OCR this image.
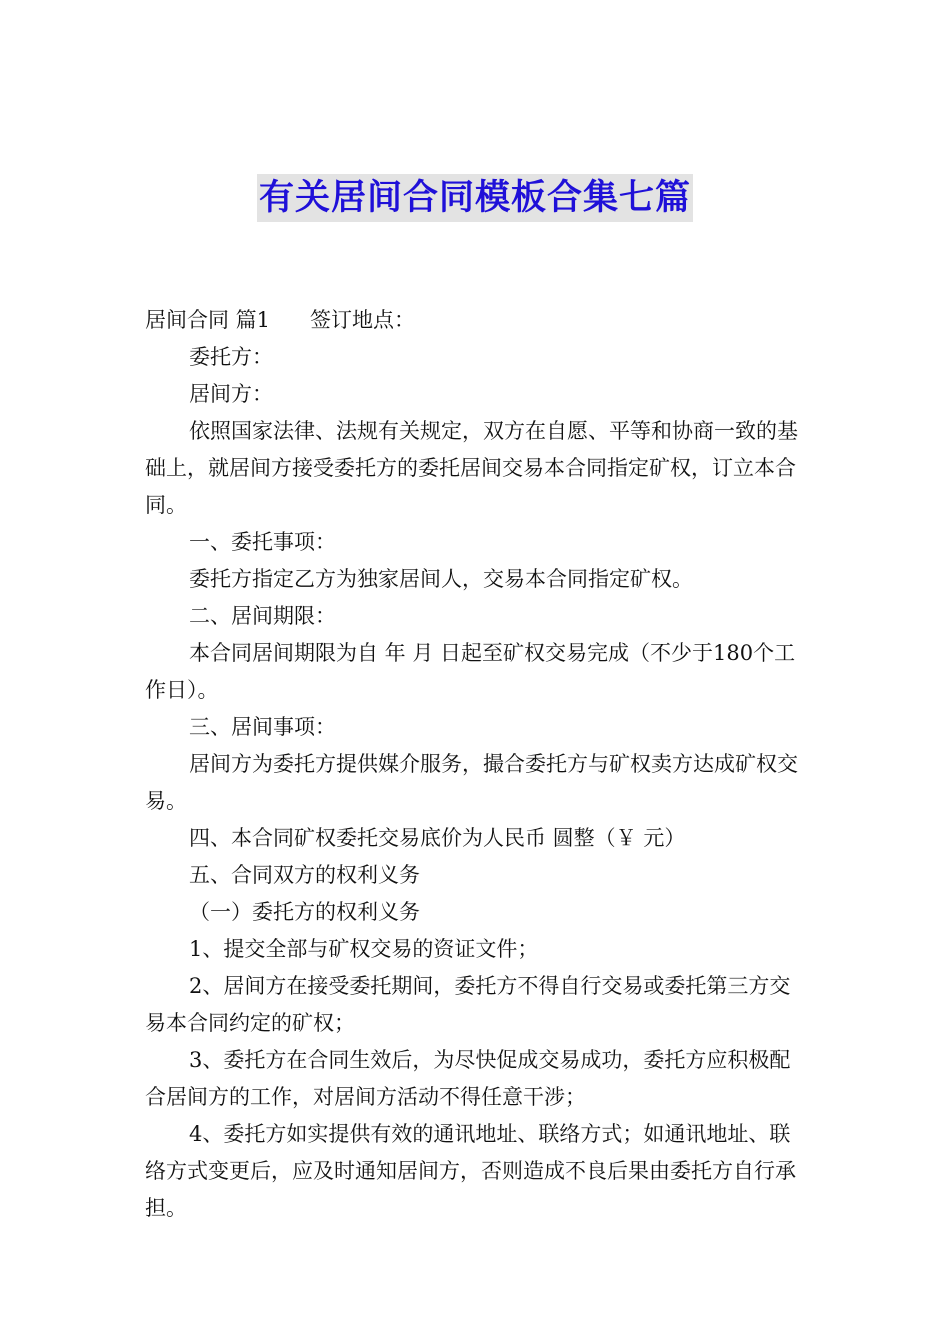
有关居间合同模板合集七篇

居间合同 篇1 签订地点：

委托方：

居间方：

依照国家法律、法规有关规定，双方在自愿、平等和协商一致的基础上，就居间方接受委托方的委托居间交易本合同指定矿权，订立本合同。

一、委托事项：

委托方指定乙方为独家居间人，交易本合同指定矿权。

二、居间期限：

本合同居间期限为自 年 月 日起至矿权交易完成（不少于180个工作日）。

三、居间事项：

居间方为委托方提供媒介服务，撮合委托方与矿权卖方达成矿权交易。

四、本合同矿权委托交易底价为人民币 圆整（￥ 元）

五、合同双方的权利义务

（一）委托方的权利义务

1、提交全部与矿权交易的资证文件；

2、居间方在接受委托期间，委托方不得自行交易或委托第三方交易本合同约定的矿权；

3、委托方在合同生效后，为尽快促成交易成功，委托方应积极配合居间方的工作，对居间方活动不得任意干涉；

4、委托方如实提供有效的通讯地址、联络方式；如通讯地址、联络方式变更后，应及时通知居间方，否则造成不良后果由委托方自行承担。
